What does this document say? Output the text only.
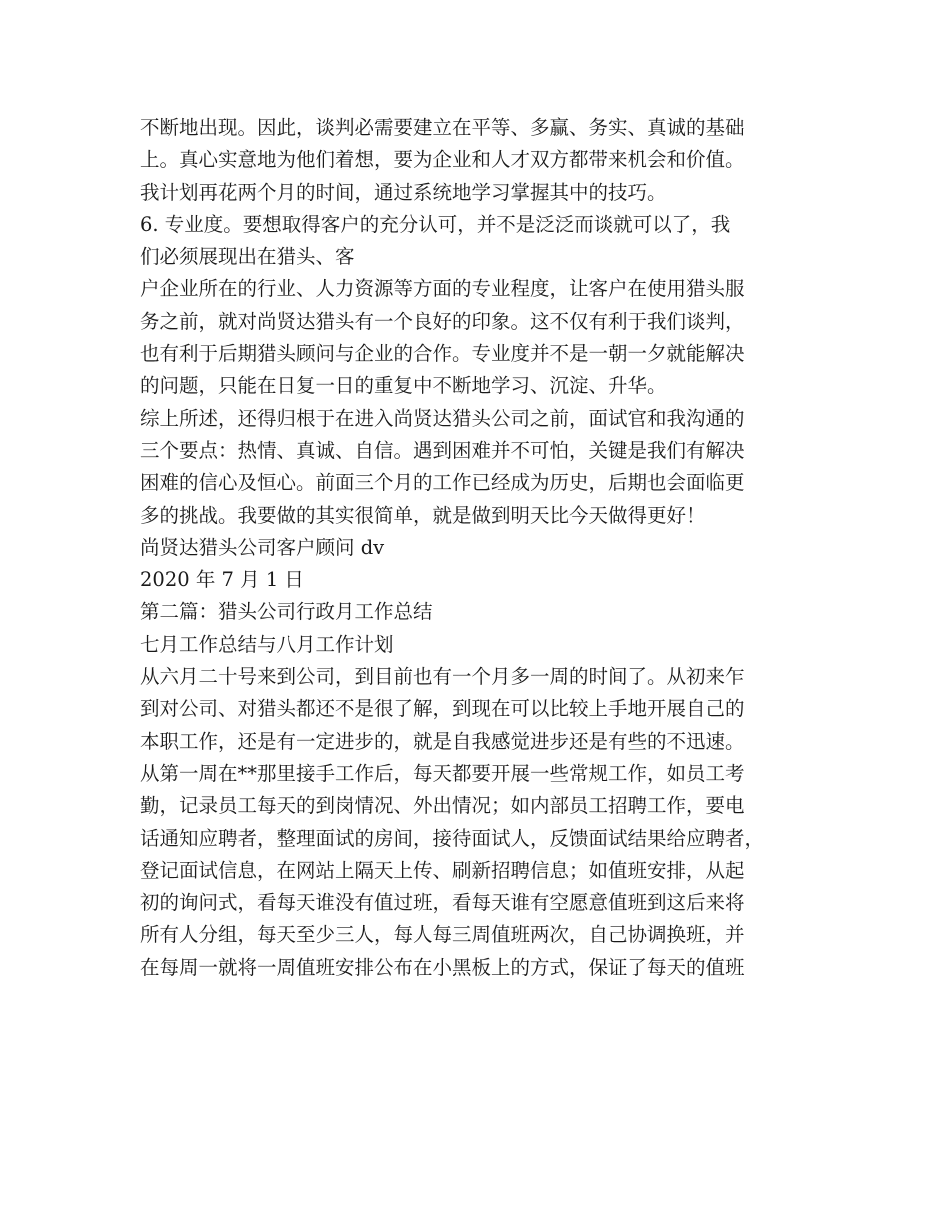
不断地出现。因此，谈判必需要建立在平等、多赢、务实、真诚的基础
上。真心实意地为他们着想，要为企业和人才双方都带来机会和价值。
我计划再花两个月的时间，通过系统地学习掌握其中的技巧。
6. 专业度。要想取得客户的充分认可，并不是泛泛而谈就可以了，我
们必须展现出在猎头、客
户企业所在的行业、人力资源等方面的专业程度，让客户在使用猎头服
务之前，就对尚贤达猎头有一个良好的印象。这不仅有利于我们谈判，
也有利于后期猎头顾问与企业的合作。专业度并不是一朝一夕就能解决
的问题，只能在日复一日的重复中不断地学习、沉淀、升华。
综上所述，还得归根于在进入尚贤达猎头公司之前，面试官和我沟通的
三个要点：热情、真诚、自信。遇到困难并不可怕，关键是我们有解决
困难的信心及恒心。前面三个月的工作已经成为历史，后期也会面临更
多的挑战。我要做的其实很简单，就是做到明天比今天做得更好！
尚贤达猎头公司客户顾问 dv
2020 年 7 月 1 日
第二篇：猎头公司行政月工作总结
七月工作总结与八月工作计划
从六月二十号来到公司，到目前也有一个月多一周的时间了。从初来乍
到对公司、对猎头都还不是很了解，到现在可以比较上手地开展自己的
本职工作，还是有一定进步的，就是自我感觉进步还是有些的不迅速。
从第一周在**那里接手工作后，每天都要开展一些常规工作，如员工考
勤，记录员工每天的到岗情况、外出情况；如内部员工招聘工作，要电
话通知应聘者，整理面试的房间，接待面试人，反馈面试结果给应聘者，
登记面试信息，在网站上隔天上传、刷新招聘信息；如值班安排，从起
初的询问式，看每天谁没有值过班，看每天谁有空愿意值班到这后来将
所有人分组，每天至少三人，每人每三周值班两次，自己协调换班，并
在每周一就将一周值班安排公布在小黑板上的方式，保证了每天的值班
